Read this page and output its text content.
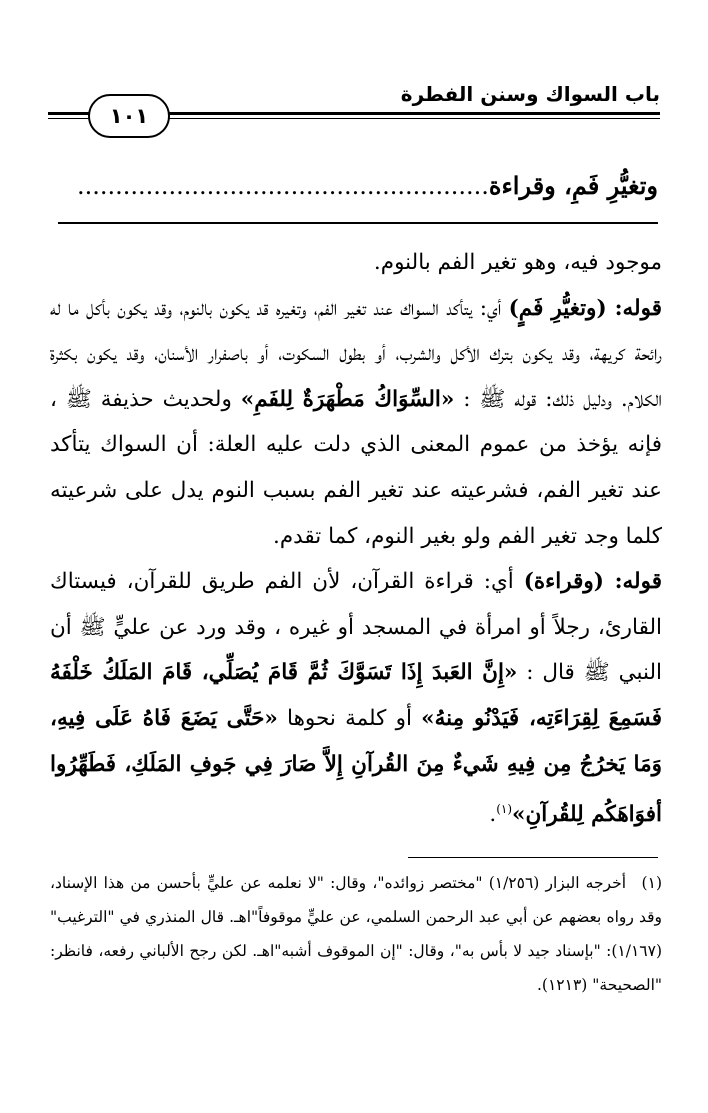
باب السواك وسنن الفطرة
١٠١
وتغيُّرِ فَمٍ، وقراءة......................................................

موجود فيه، وهو تغير الفم بالنوم.

قوله: (وتغيُّرِ فَمٍ) أي: يتأكد السواك عند تغير الفم، وتغيره قد يكون بالنوم، وقد يكون بأكل ما له رائحة كريهة، وقد يكون بترك الأكل والشرب، أو بطول السكوت، أو باصفرار الأسنان، وقد يكون بكثرة الكلام. ودليل ذلك: قوله ﷺ : «السِّوَاكُ مَطْهَرَةٌ لِلفَمِ» ولحديث حذيفة ﷺ ، فإنه يؤخذ من عموم المعنى الذي دلت عليه العلة: أن السواك يتأكد عند تغير الفم، فشرعيته عند تغير الفم بسبب النوم يدل على شرعيته كلما وجد تغير الفم ولو بغير النوم، كما تقدم.

قوله: (وقراءة) أي: قراءة القرآن، لأن الفم طريق للقرآن، فيستاك القارئ، رجلاً أو امرأة في المسجد أو غيره ، وقد ورد عن عليٍّ ﷺ أن النبي ﷺ قال : «إِنَّ العَبدَ إِذَا تَسَوَّكَ ثُمَّ قَامَ يُصَلِّي، قَامَ المَلَكُ خَلْفَهُ فَسَمِعَ لِقِرَاءَتِه، فَيَدْنُو مِنهُ» أو كلمة نحوها «حَتَّى يَضَعَ فَاهُ عَلَى فِيهِ، وَمَا يَخرُجُ مِن فِيهِ شَيءٌ مِنَ القُرآنِ إِلاَّ صَارَ فِي جَوفِ المَلَكِ، فَطَهِّرُوا أفوَاهَكُم لِلقُرآنِ»$^{(١)}$.

(١)أخرجه البزار (١/٢٥٦) "مختصر زوائده"، وقال: "لا نعلمه عن عليٍّ بأحسن من هذا الإسناد، وقد رواه بعضهم عن أبي عبد الرحمن السلمي، عن عليٍّ موقوفاً"اهـ. قال المنذري في "الترغيب" (١/١٦٧): "بإسناد جيد لا بأس به"، وقال: "إن الموقوف أشبه"اهـ. لكن رجح الألباني رفعه، فانظر: "الصحيحة" (١٢١٣).
